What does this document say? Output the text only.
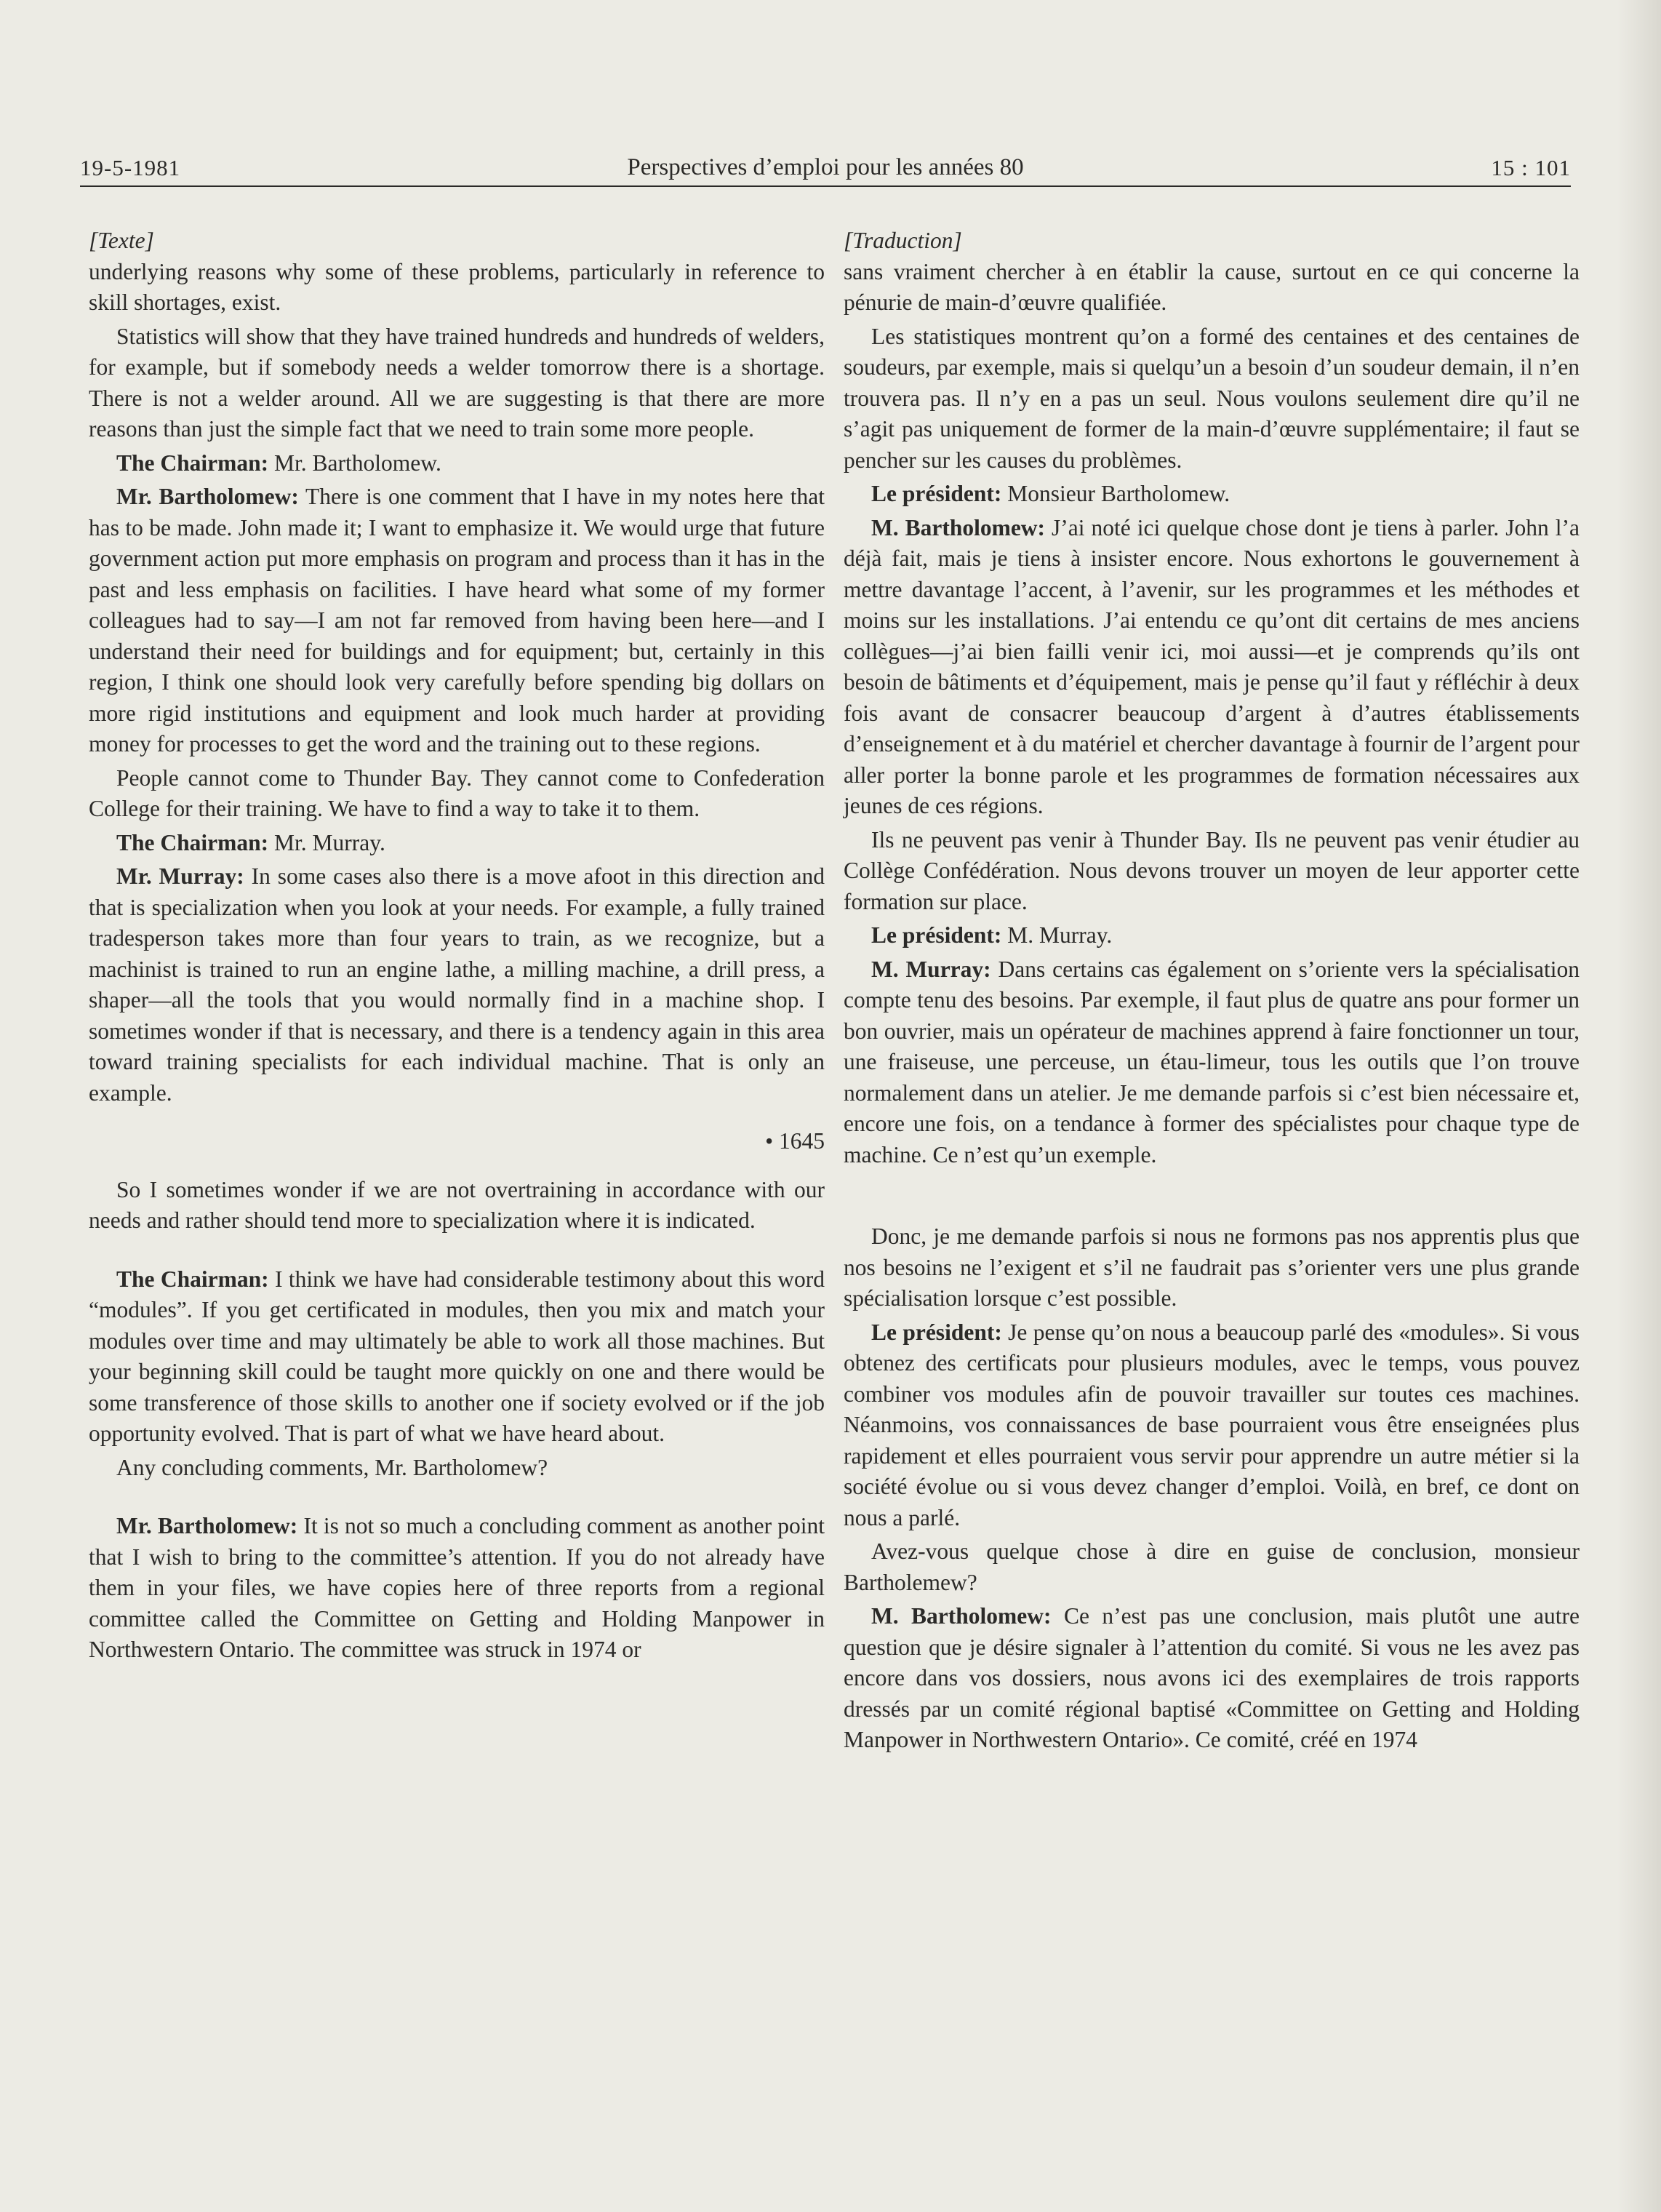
19-5-1981	Perspectives d’emploi pour les années 80	15 : 101

[Texte]

underlying reasons why some of these problems, particularly in reference to skill shortages, exist.

Statistics will show that they have trained hundreds and hundreds of welders, for example, but if somebody needs a welder tomorrow there is a shortage. There is not a welder around. All we are suggesting is that there are more reasons than just the simple fact that we need to train some more people.

The Chairman: Mr. Bartholomew.

Mr. Bartholomew: There is one comment that I have in my notes here that has to be made. John made it; I want to emphasize it. We would urge that future government action put more emphasis on program and process than it has in the past and less emphasis on facilities. I have heard what some of my former colleagues had to say—I am not far removed from having been here—and I understand their need for buildings and for equipment; but, certainly in this region, I think one should look very carefully before spending big dollars on more rigid institutions and equipment and look much harder at providing money for processes to get the word and the training out to these regions.

People cannot come to Thunder Bay. They cannot come to Confederation College for their training. We have to find a way to take it to them.

The Chairman: Mr. Murray.

Mr. Murray: In some cases also there is a move afoot in this direction and that is specialization when you look at your needs. For example, a fully trained tradesperson takes more than four years to train, as we recognize, but a machinist is trained to run an engine lathe, a milling machine, a drill press, a shaper—all the tools that you would normally find in a machine shop. I sometimes wonder if that is necessary, and there is a tendency again in this area toward training specialists for each individual machine. That is only an example.

• 1645

So I sometimes wonder if we are not overtraining in accordance with our needs and rather should tend more to specialization where it is indicated.

The Chairman: I think we have had considerable testimony about this word “modules”. If you get certificated in modules, then you mix and match your modules over time and may ultimately be able to work all those machines. But your beginning skill could be taught more quickly on one and there would be some transference of those skills to another one if society evolved or if the job opportunity evolved. That is part of what we have heard about.

Any concluding comments, Mr. Bartholomew?

Mr. Bartholomew: It is not so much a concluding comment as another point that I wish to bring to the committee’s attention. If you do not already have them in your files, we have copies here of three reports from a regional committee called the Committee on Getting and Holding Manpower in Northwestern Ontario. The committee was struck in 1974 or

[Traduction]

sans vraiment chercher à en établir la cause, surtout en ce qui concerne la pénurie de main-d’œuvre qualifiée.

Les statistiques montrent qu’on a formé des centaines et des centaines de soudeurs, par exemple, mais si quelqu’un a besoin d’un soudeur demain, il n’en trouvera pas. Il n’y en a pas un seul. Nous voulons seulement dire qu’il ne s’agit pas uniquement de former de la main-d’œuvre supplémentaire; il faut se pencher sur les causes du problèmes.

Le président: Monsieur Bartholomew.

M. Bartholomew: J’ai noté ici quelque chose dont je tiens à parler. John l’a déjà fait, mais je tiens à insister encore. Nous exhortons le gouvernement à mettre davantage l’accent, à l’avenir, sur les programmes et les méthodes et moins sur les installations. J’ai entendu ce qu’ont dit certains de mes anciens collègues—j’ai bien failli venir ici, moi aussi—et je comprends qu’ils ont besoin de bâtiments et d’équipement, mais je pense qu’il faut y réfléchir à deux fois avant de consacrer beaucoup d’argent à d’autres établissements d’enseignement et à du matériel et chercher davantage à fournir de l’argent pour aller porter la bonne parole et les programmes de formation nécessaires aux jeunes de ces régions.

Ils ne peuvent pas venir à Thunder Bay. Ils ne peuvent pas venir étudier au Collège Confédération. Nous devons trouver un moyen de leur apporter cette formation sur place.

Le président: M. Murray.

M. Murray: Dans certains cas également on s’oriente vers la spécialisation compte tenu des besoins. Par exemple, il faut plus de quatre ans pour former un bon ouvrier, mais un opérateur de machines apprend à faire fonctionner un tour, une fraiseuse, une perceuse, un étau-limeur, tous les outils que l’on trouve normalement dans un atelier. Je me demande parfois si c’est bien nécessaire et, encore une fois, on a tendance à former des spécialistes pour chaque type de machine. Ce n’est qu’un exemple.

Donc, je me demande parfois si nous ne formons pas nos apprentis plus que nos besoins ne l’exigent et s’il ne faudrait pas s’orienter vers une plus grande spécialisation lorsque c’est possible.

Le président: Je pense qu’on nous a beaucoup parlé des «modules». Si vous obtenez des certificats pour plusieurs modules, avec le temps, vous pouvez combiner vos modules afin de pouvoir travailler sur toutes ces machines. Néanmoins, vos connaissances de base pourraient vous être enseignées plus rapidement et elles pourraient vous servir pour apprendre un autre métier si la société évolue ou si vous devez changer d’emploi. Voilà, en bref, ce dont on nous a parlé.

Avez-vous quelque chose à dire en guise de conclusion, monsieur Bartholemew?

M. Bartholomew: Ce n’est pas une conclusion, mais plutôt une autre question que je désire signaler à l’attention du comité. Si vous ne les avez pas encore dans vos dossiers, nous avons ici des exemplaires de trois rapports dressés par un comité régional baptisé «Committee on Getting and Holding Manpower in Northwestern Ontario». Ce comité, créé en 1974
